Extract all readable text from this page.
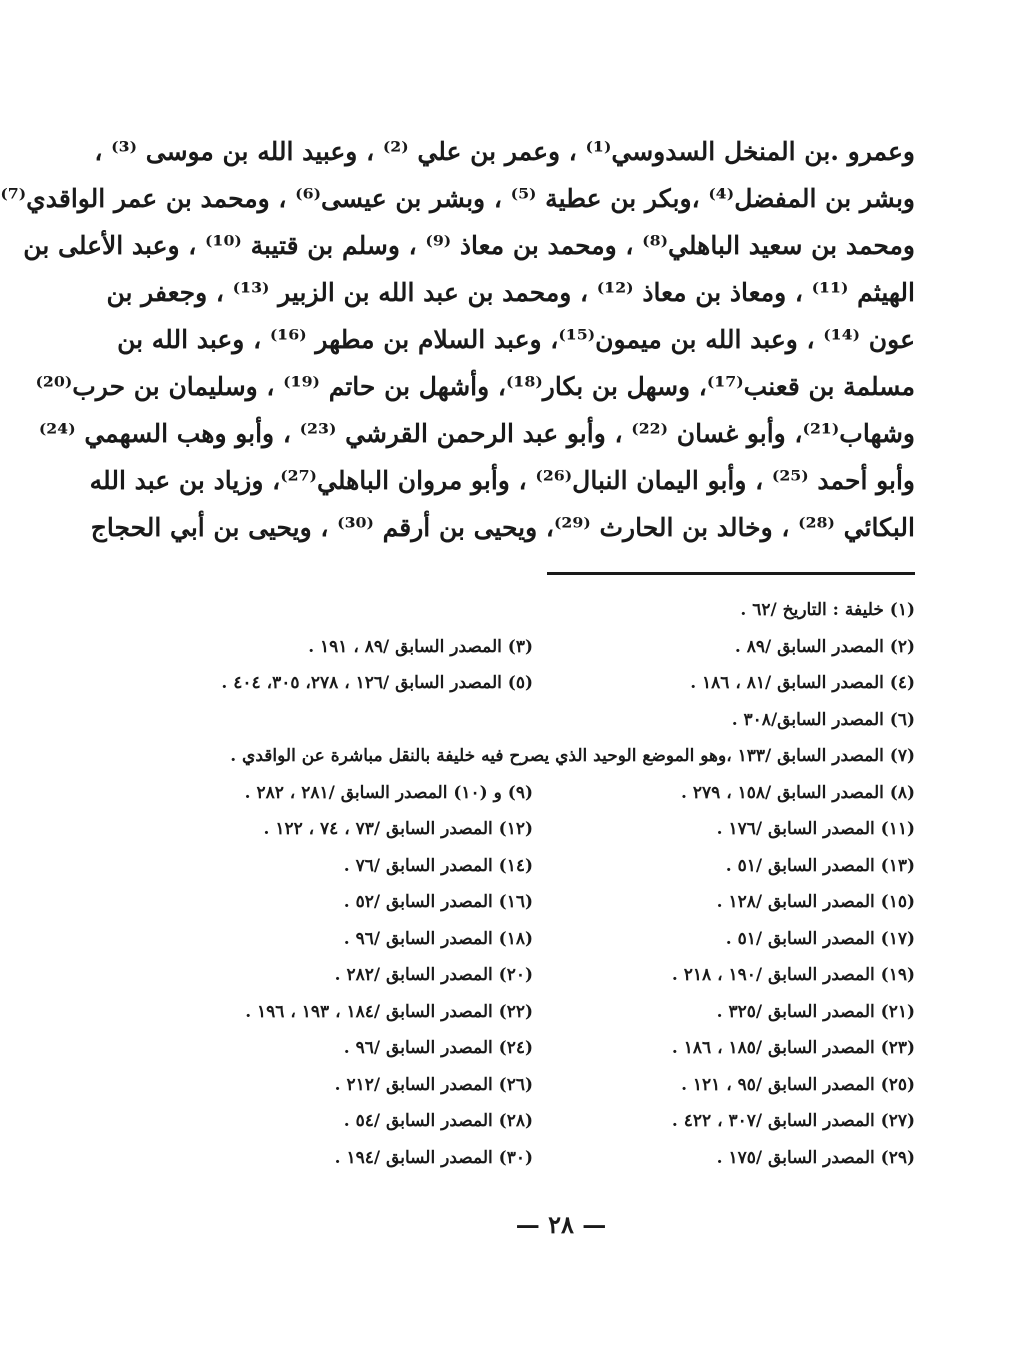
وعمرو .بن المنخل السدوسي⁽¹⁾ ، وعمر بن علي ⁽²⁾ ، وعبيد الله بن موسى ⁽³⁾ ،
وبشر بن المفضل⁽⁴⁾ ،وبكر بن عطية ⁽⁵⁾ ، وبشر بن عيسى⁽⁶⁾ ، ومحمد بن عمر الواقدي⁽⁷⁾
ومحمد بن سعيد الباهلي⁽⁸⁾ ، ومحمد بن معاذ ⁽⁹⁾ ، وسلم بن قتيبة ⁽¹⁰⁾ ، وعبد الأعلى بن
الهيثم ⁽¹¹⁾ ، ومعاذ بن معاذ ⁽¹²⁾ ، ومحمد بن عبد الله بن الزبير ⁽¹³⁾ ، وجعفر بن
عون ⁽¹⁴⁾ ، وعبد الله بن ميمون⁽¹⁵⁾، وعبد السلام بن مطهر ⁽¹⁶⁾ ، وعبد الله بن
مسلمة بن قعنب⁽¹⁷⁾، وسهل بن بكار⁽¹⁸⁾، وأشهل بن حاتم ⁽¹⁹⁾ ، وسليمان بن حرب⁽²⁰⁾
وشهاب⁽²¹⁾، وأبو غسان ⁽²²⁾ ، وأبو عبد الرحمن القرشي ⁽²³⁾ ، وأبو وهب السهمي ⁽²⁴⁾
وأبو أحمد ⁽²⁵⁾ ، وأبو اليمان النبال⁽²⁶⁾ ، وأبو مروان الباهلي⁽²⁷⁾، وزياد بن عبد الله
البكائي ⁽²⁸⁾ ، وخالد بن الحارث ⁽²⁹⁾، ويحيى بن أرقم ⁽³⁰⁾ ، ويحيى بن أبي الحجاج
(١) خليفة : التاريخ /٦٢ .
(٢) المصدر السابق /٨٩ .
(٣) المصدر السابق /٨٩ ، ١٩١ .
(٤) المصدر السابق /٨١ ، ١٨٦ .
(٥) المصدر السابق /١٢٦ ، ٢٧٨، ٣٠٥، ٤٠٤ .
(٦) المصدر السابق/٣٠٨ .
(٧) المصدر السابق /١٣٣ ،وهو الموضع الوحيد الذي يصرح فيه خليفة بالنقل مباشرة عن الواقدي .
(٨) المصدر السابق /١٥٨ ، ٢٧٩ .
(٩) و (١٠) المصدر السابق /٢٨١ ، ٢٨٢ .
(١١) المصدر السابق /١٧٦ .
(١٢) المصدر السابق /٧٣ ، ٧٤ ، ١٢٢ .
(١٣) المصدر السابق /٥١ .
(١٤) المصدر السابق /٧٦ .
(١٥) المصدر السابق /١٢٨ .
(١٦) المصدر السابق /٥٢ .
(١٧) المصدر السابق /٥١ .
(١٨) المصدر السابق /٩٦ .
(١٩) المصدر السابق /١٩٠ ، ٢١٨ .
(٢٠) المصدر السابق /٢٨٢ .
(٢١) المصدر السابق /٣٢٥ .
(٢٢) المصدر السابق /١٨٤ ، ١٩٣ ، ١٩٦ .
(٢٣) المصدر السابق /١٨٥ ، ١٨٦ .
(٢٤) المصدر السابق /٩٦ .
(٢٥) المصدر السابق /٩٥ ، ١٢١ .
(٢٦) المصدر السابق /٢١٢ .
(٢٧) المصدر السابق /٣٠٧ ، ٤٢٢ .
(٢٨) المصدر السابق /٥٤ .
(٢٩) المصدر السابق /١٧٥ .
(٣٠) المصدر السابق /١٩٤ .
— ٢٨ —
